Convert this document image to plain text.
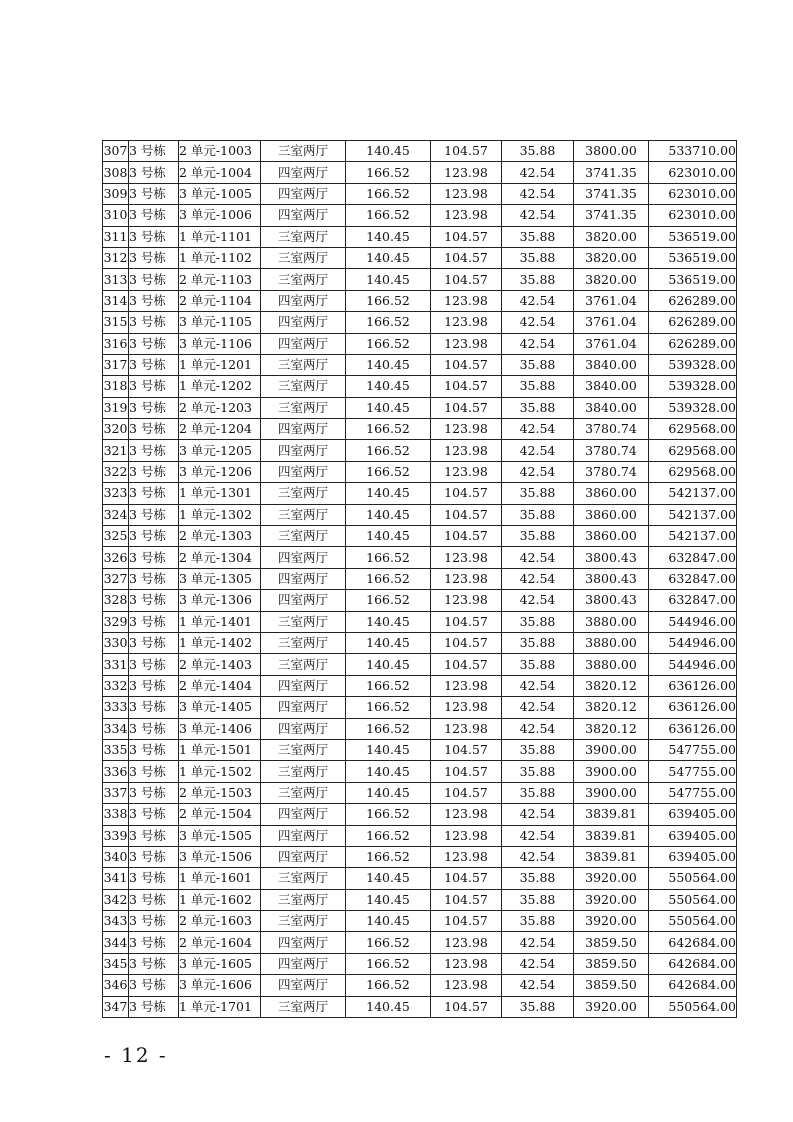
307	3 号栋	2 单元-1003	三室两厅	140.45	104.57	35.88	3800.00	533710.00
308	3 号栋	2 单元-1004	四室两厅	166.52	123.98	42.54	3741.35	623010.00
309	3 号栋	3 单元-1005	四室两厅	166.52	123.98	42.54	3741.35	623010.00
310	3 号栋	3 单元-1006	四室两厅	166.52	123.98	42.54	3741.35	623010.00
311	3 号栋	1 单元-1101	三室两厅	140.45	104.57	35.88	3820.00	536519.00
312	3 号栋	1 单元-1102	三室两厅	140.45	104.57	35.88	3820.00	536519.00
313	3 号栋	2 单元-1103	三室两厅	140.45	104.57	35.88	3820.00	536519.00
314	3 号栋	2 单元-1104	四室两厅	166.52	123.98	42.54	3761.04	626289.00
315	3 号栋	3 单元-1105	四室两厅	166.52	123.98	42.54	3761.04	626289.00
316	3 号栋	3 单元-1106	四室两厅	166.52	123.98	42.54	3761.04	626289.00
317	3 号栋	1 单元-1201	三室两厅	140.45	104.57	35.88	3840.00	539328.00
318	3 号栋	1 单元-1202	三室两厅	140.45	104.57	35.88	3840.00	539328.00
319	3 号栋	2 单元-1203	三室两厅	140.45	104.57	35.88	3840.00	539328.00
320	3 号栋	2 单元-1204	四室两厅	166.52	123.98	42.54	3780.74	629568.00
321	3 号栋	3 单元-1205	四室两厅	166.52	123.98	42.54	3780.74	629568.00
322	3 号栋	3 单元-1206	四室两厅	166.52	123.98	42.54	3780.74	629568.00
323	3 号栋	1 单元-1301	三室两厅	140.45	104.57	35.88	3860.00	542137.00
324	3 号栋	1 单元-1302	三室两厅	140.45	104.57	35.88	3860.00	542137.00
325	3 号栋	2 单元-1303	三室两厅	140.45	104.57	35.88	3860.00	542137.00
326	3 号栋	2 单元-1304	四室两厅	166.52	123.98	42.54	3800.43	632847.00
327	3 号栋	3 单元-1305	四室两厅	166.52	123.98	42.54	3800.43	632847.00
328	3 号栋	3 单元-1306	四室两厅	166.52	123.98	42.54	3800.43	632847.00
329	3 号栋	1 单元-1401	三室两厅	140.45	104.57	35.88	3880.00	544946.00
330	3 号栋	1 单元-1402	三室两厅	140.45	104.57	35.88	3880.00	544946.00
331	3 号栋	2 单元-1403	三室两厅	140.45	104.57	35.88	3880.00	544946.00
332	3 号栋	2 单元-1404	四室两厅	166.52	123.98	42.54	3820.12	636126.00
333	3 号栋	3 单元-1405	四室两厅	166.52	123.98	42.54	3820.12	636126.00
334	3 号栋	3 单元-1406	四室两厅	166.52	123.98	42.54	3820.12	636126.00
335	3 号栋	1 单元-1501	三室两厅	140.45	104.57	35.88	3900.00	547755.00
336	3 号栋	1 单元-1502	三室两厅	140.45	104.57	35.88	3900.00	547755.00
337	3 号栋	2 单元-1503	三室两厅	140.45	104.57	35.88	3900.00	547755.00
338	3 号栋	2 单元-1504	四室两厅	166.52	123.98	42.54	3839.81	639405.00
339	3 号栋	3 单元-1505	四室两厅	166.52	123.98	42.54	3839.81	639405.00
340	3 号栋	3 单元-1506	四室两厅	166.52	123.98	42.54	3839.81	639405.00
341	3 号栋	1 单元-1601	三室两厅	140.45	104.57	35.88	3920.00	550564.00
342	3 号栋	1 单元-1602	三室两厅	140.45	104.57	35.88	3920.00	550564.00
343	3 号栋	2 单元-1603	三室两厅	140.45	104.57	35.88	3920.00	550564.00
344	3 号栋	2 单元-1604	四室两厅	166.52	123.98	42.54	3859.50	642684.00
345	3 号栋	3 单元-1605	四室两厅	166.52	123.98	42.54	3859.50	642684.00
346	3 号栋	3 单元-1606	四室两厅	166.52	123.98	42.54	3859.50	642684.00
347	3 号栋	1 单元-1701	三室两厅	140.45	104.57	35.88	3920.00	550564.00
- 12 -
